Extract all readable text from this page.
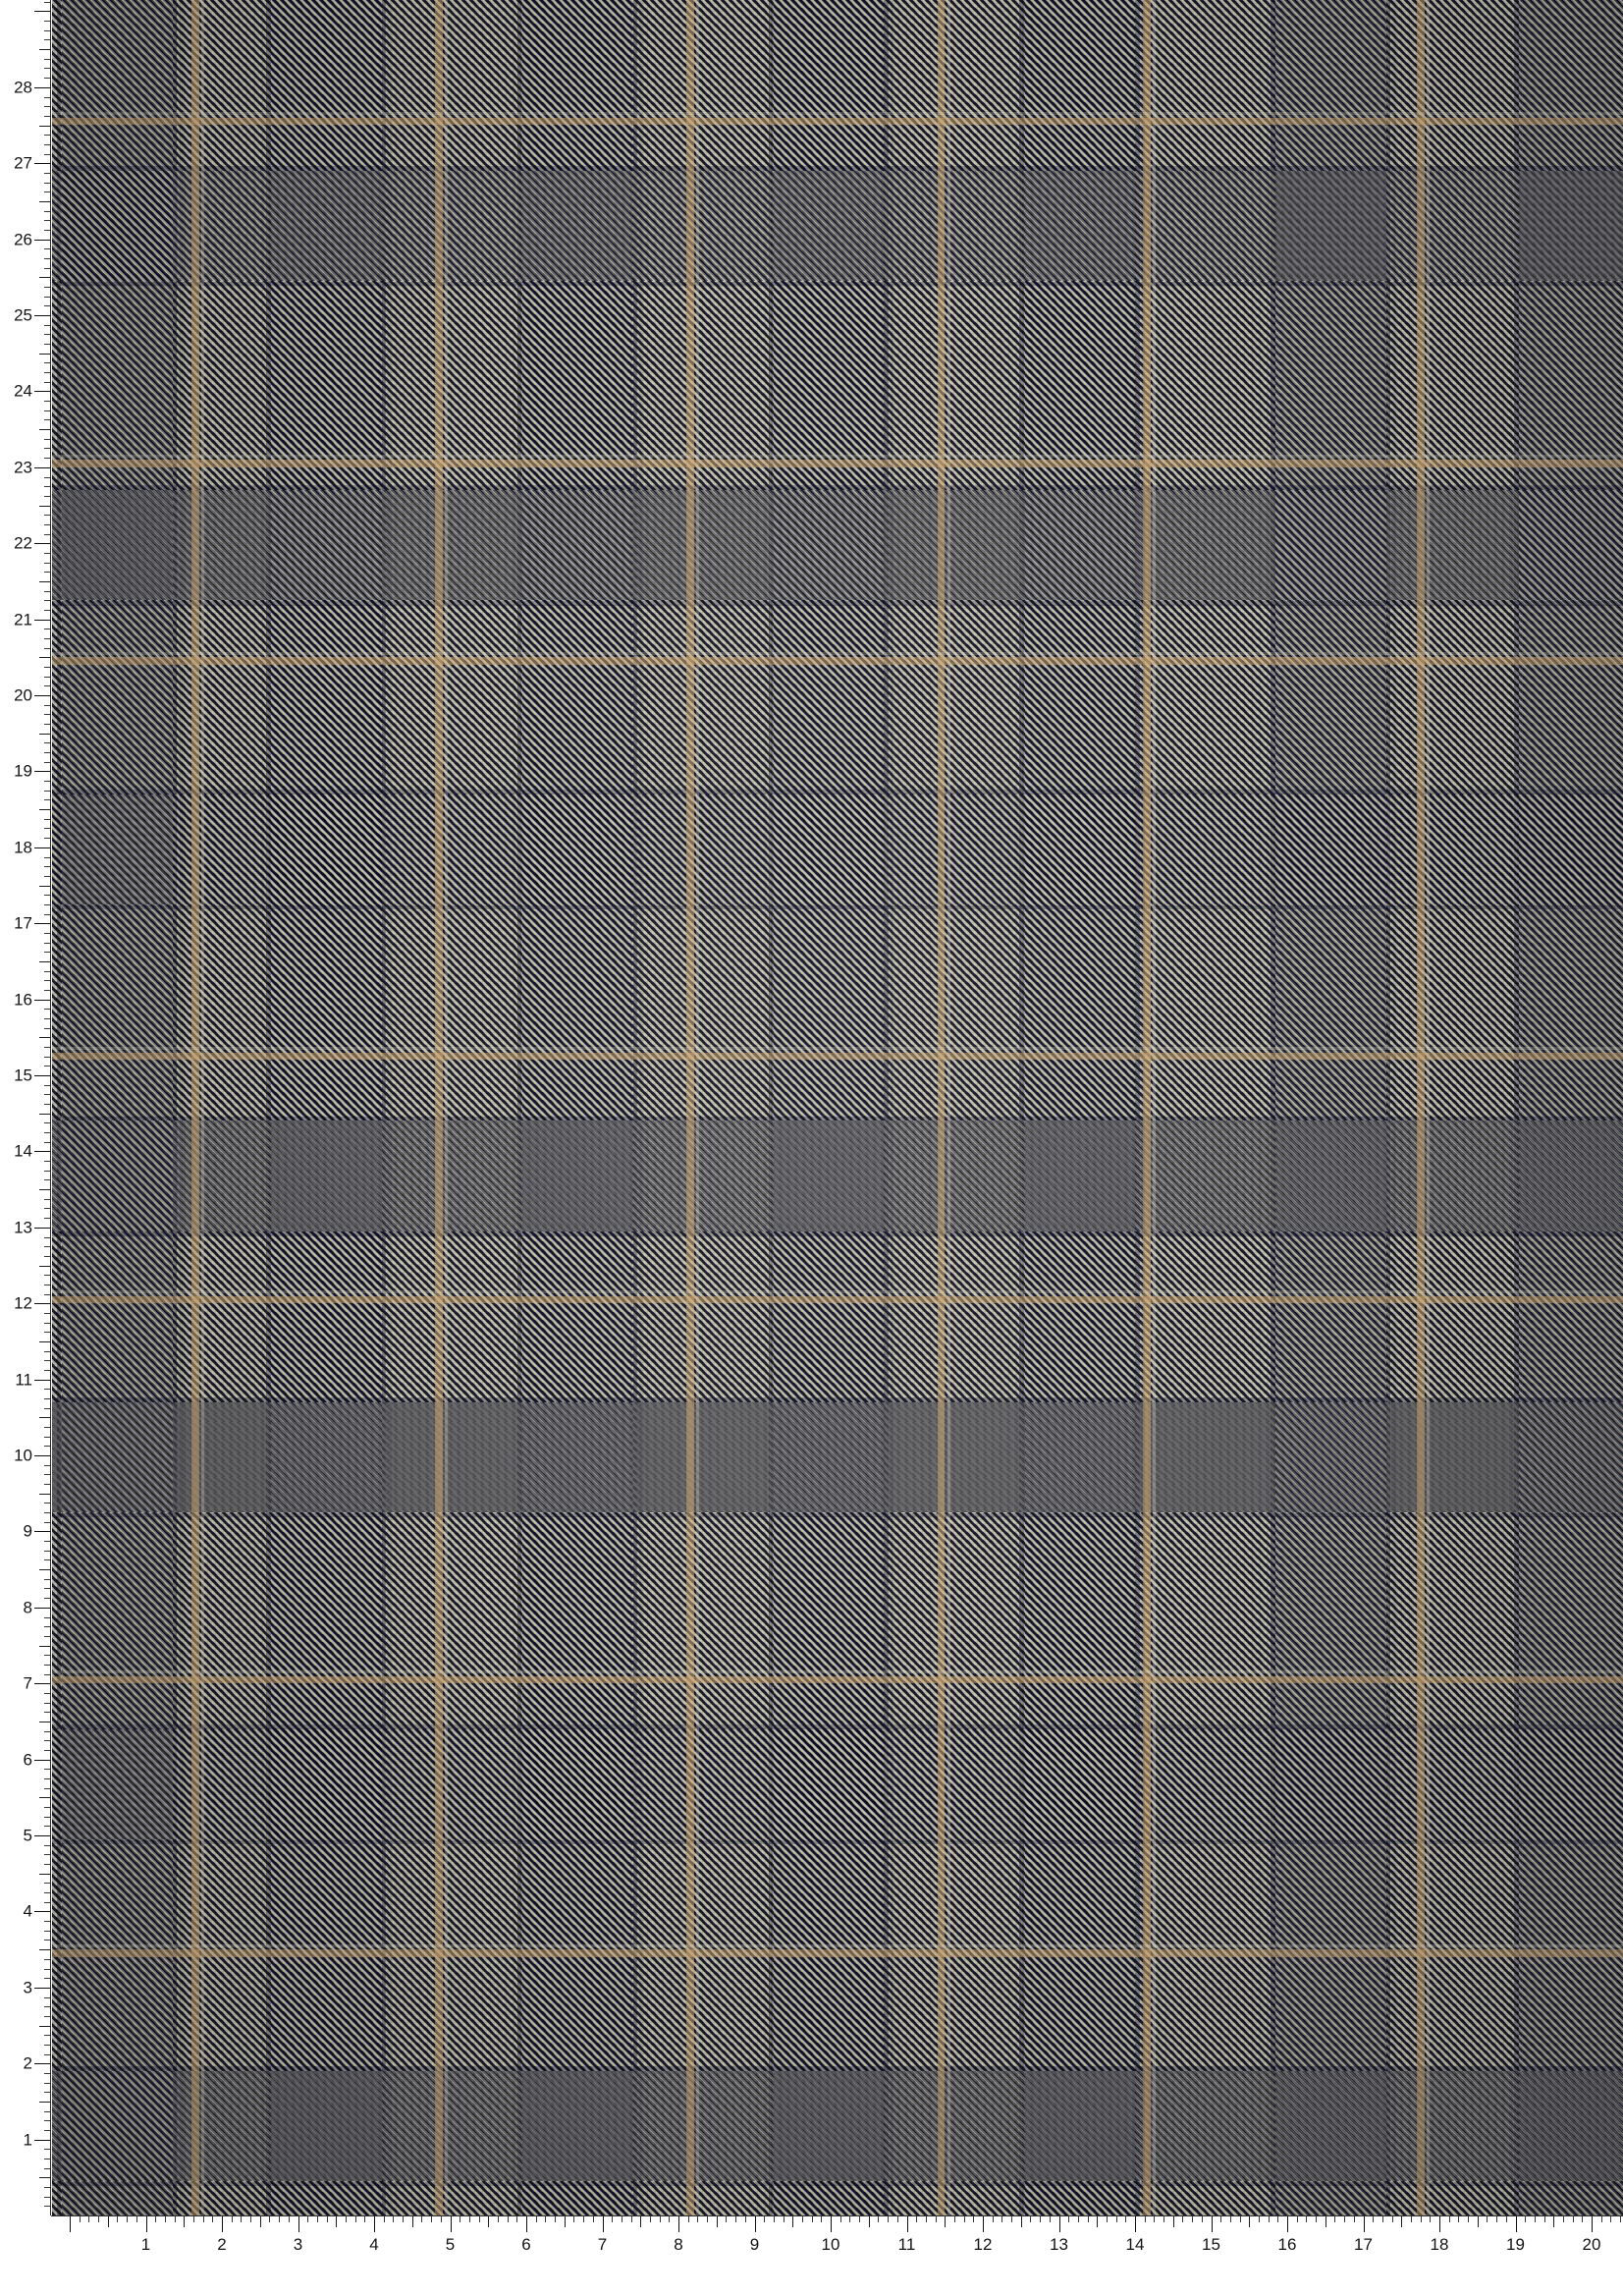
1
2
3
4
5
6
7
8
9
10
11
12
13
14
15
16
17
18
19
20
21
22
23
24
25
26
27
28
1	2	3	4	5	6	7	8	9	10	11	12	13	14	15	16	17	18	19	20
